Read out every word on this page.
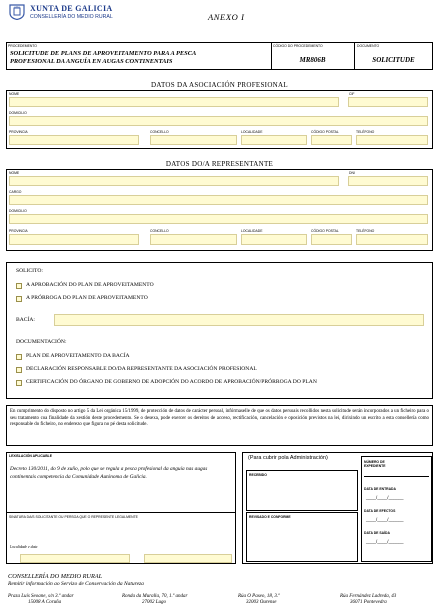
XUNTA DE GALICIA
CONSELLERÍA DO MEDIO RURAL	ANEXO I
PROCEDEMENTO
SOLICITUDE DE PLANS DE APROVEITAMENTO PARA A PESCA
PROFESIONAL DA ANGUÍA EN AUGAS CONTINENTAIS
CÓDIGO DO PROCEDEMENTO
MR806B
DOCUMENTO
SOLICITUDE
DATOS DA ASOCIACIÓN PROFESIONAL
NOME	CIF
DOMICILIO
PROVINCIA	CONCELLO	LOCALIDADE	CÓDIGO POSTAL	TELÉFONO
DATOS DO/A REPRESENTANTE
NOME	DNI
CARGO
DOMICILIO
PROVINCIA	CONCELLO	LOCALIDADE	CÓDIGO POSTAL	TELÉFONO
SOLICITO:
A APROBACIÓN DO PLAN DE APROVEITAMENTO
A PRÓRROGA DO PLAN DE APROVEITAMENTO
BACÍA:
DOCUMENTACIÓN:
PLAN DE APROVEITAMENTO DA BACÍA
DECLARACIÓN RESPONSABLE DO/DA REPRESENTANTE DA ASOCIACIÓN PROFESIONAL
CERTIFICACIÓN DO ÓRGANO DE GOBERNO DE ADOPCIÓN DO ACORDO DE APROBACIÓN/PRÓRROGA DO PLAN
En cumprimento do disposto no artigo 5 da Lei orgánica 15/1999, de protección de datos de carácter persoal, infórmaselle de que os datos persoais recollidos nesta solicitude serán incorporados a un ficheiro para o seu tratamento coa finalidade da xestión deste procedemento. Se o desexa, pode exercer os dereitos de acceso, rectificación, cancelación e oposición previstos na lei, dirixindo un escrito a esta consellería como responsable do ficheiro, no enderezo que figura no pé desta solicitude.
LEXISLACIÓN APLICABLE
Decreto 130/2011, do 9 de xuño, polo que se regula a pesca profesional da anguía nas augas continentais competencia da Comunidade Autónoma de Galicia.
SINATURA DA/S SOLICITANTE OU PERSOA QUE O REPRESENTE LEGALMENTE
Localidade e data
(Para cubrir pola Administración)
RECEBIDO
REVISADO E CONFORME
NÚMERO DE EXPEDIENTE
DATA DE ENTRADA
____/____/______
DATA DE EFECTOS
____/____/______
DATA DE SAÍDA
____/____/______
CONSELLERÍA DO MEDIO RURAL
Remitir información ao Servizo de Conservación da Natureza
Praza Luís Seoane, s/n 3.º andar
15008 A Coruña
Ronda da Muralla, 70, 1.º andar
27002 Lugo
Rúa O Paseo, 18, 3.º
32003 Ourense
Rúa Fernández Ladreda, 43
36071 Pontevedra
